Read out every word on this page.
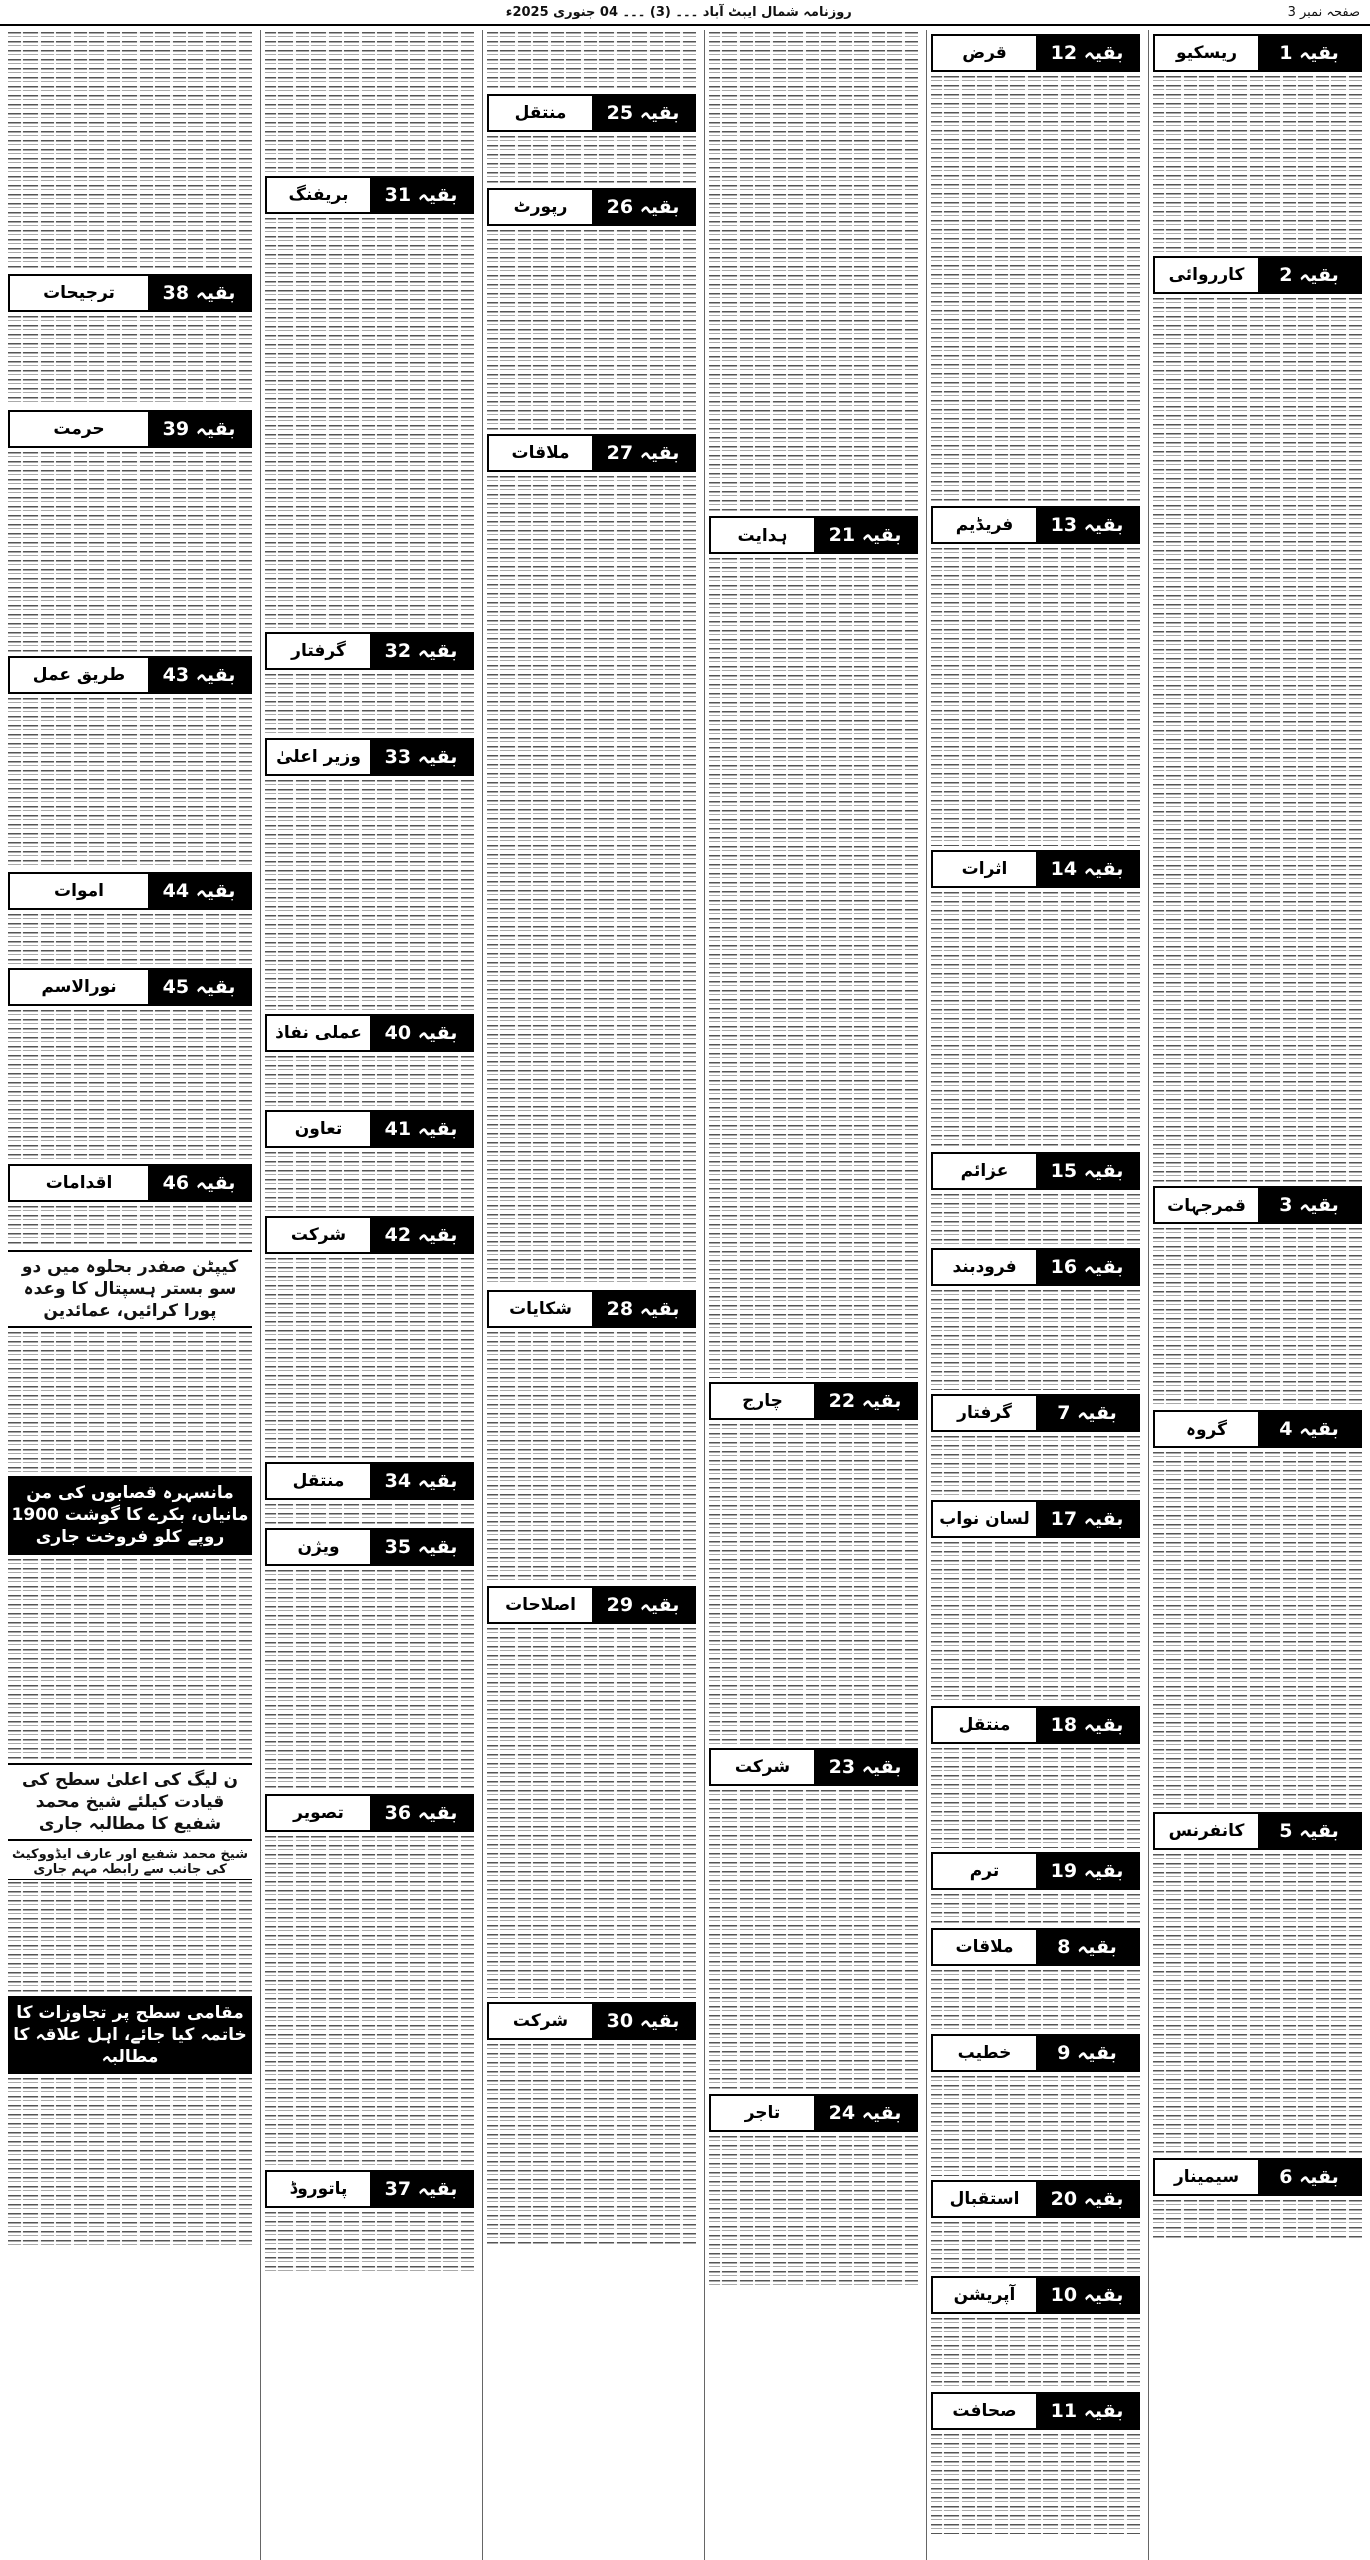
صفحہ نمبر 3
روزنامہ شمال ایبٹ آباد ۔۔۔ (3) ۔۔۔ 04 جنوری 2025ء
بقیہ 1
ریسکیو
بقیہ 2
کارروائی
بقیہ 3
قمرجہات
بقیہ 4
گروہ
بقیہ 5
کانفرنس
بقیہ 6
سیمینار
بقیہ 12
قرض
بقیہ 13
فریڈیم
بقیہ 14
اثرات
بقیہ 15
عزائم
بقیہ 16
فرودبند
بقیہ 7
گرفتار
بقیہ 17
لسان نواب
بقیہ 18
منتقل
بقیہ 19
ترم
بقیہ 8
ملاقات
بقیہ 9
خطیب
بقیہ 20
استقبال
بقیہ 10
آپریشن
بقیہ 11
صحافت
بقیہ 21
ہدایت
بقیہ 22
چارج
بقیہ 23
شرکت
بقیہ 24
تاجر
بقیہ 25
منتقل
بقیہ 26
رپورٹ
بقیہ 27
ملاقات
بقیہ 28
شکایات
بقیہ 29
اصلاحات
بقیہ 30
شرکت
بقیہ 31
بریفنگ
بقیہ 32
گرفتار
بقیہ 33
وزیر اعلیٰ
بقیہ 40
عملی نفاذ
بقیہ 41
تعاون
بقیہ 42
شرکت
بقیہ 34
منتقل
بقیہ 35
ویژن
بقیہ 36
تصویر
بقیہ 37
پاتوروڈ
بقیہ 38
ترجیحات
بقیہ 39
حرمت
بقیہ 43
طریق عمل
بقیہ 44
اموات
بقیہ 45
نورالاسم
بقیہ 46
اقدامات
کیپٹن صفدر بحلوہ میں دو سو بستر ہسپتال کا وعدہ پورا کرائیں، عمائدین
مانسہرہ قصابوں کی من مانیاں، بکرے کا گوشت 1900 روپے کلو فروخت جاری
ن لیگ کی اعلیٰ سطح کی قیادت کیلئے شیخ محمد شفیع کا مطالبہ جاری
شیخ محمد شفیع اور عارف ایڈووکیٹ کی جانب سے رابطہ مہم جاری
مقامی سطح پر تجاوزات کا خاتمہ کیا جائے، اہل علاقہ کا مطالبہ
